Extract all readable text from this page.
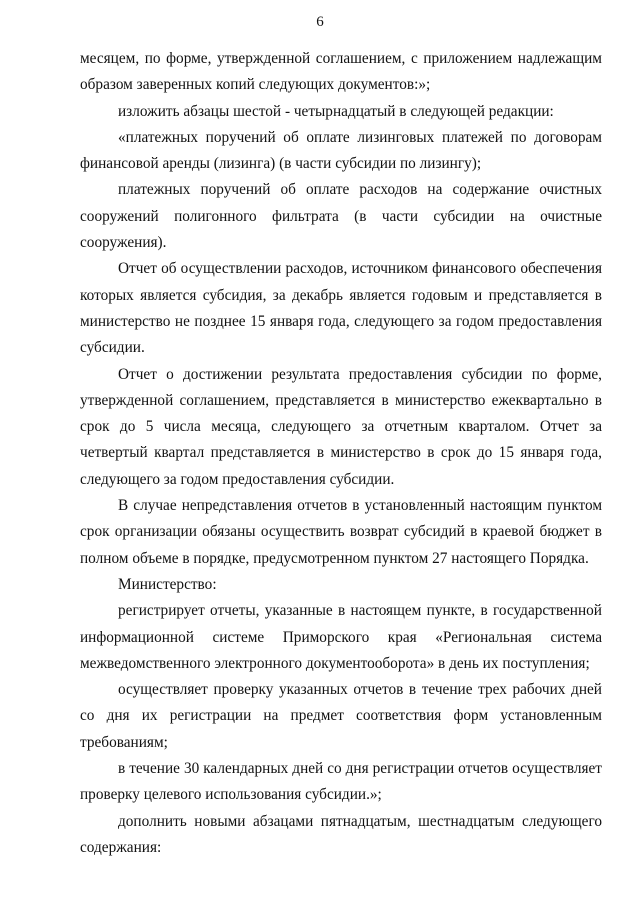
6

месяцем, по форме, утвержденной соглашением, с приложением надлежащим образом заверенных копий следующих документов:»;

изложить абзацы шестой - четырнадцатый в следующей редакции:

«платежных поручений об оплате лизинговых платежей по договорам финансовой аренды (лизинга) (в части субсидии по лизингу);

платежных поручений об оплате расходов на содержание очистных сооружений полигонного фильтрата (в части субсидии на очистные сооружения).

Отчет об осуществлении расходов, источником финансового обеспечения которых является субсидия, за декабрь является годовым и представляется в министерство не позднее 15 января года, следующего за годом предоставления субсидии.

Отчет о достижении результата предоставления субсидии по форме, утвержденной соглашением, представляется в министерство ежеквартально в срок до 5 числа месяца, следующего за отчетным кварталом. Отчет за четвертый квартал представляется в министерство в срок до 15 января года, следующего за годом предоставления субсидии.

В случае непредставления отчетов в установленный настоящим пунктом срок организации обязаны осуществить возврат субсидий в краевой бюджет в полном объеме в порядке, предусмотренном пунктом 27 настоящего Порядка.

Министерство:

регистрирует отчеты, указанные в настоящем пункте, в государственной информационной системе Приморского края «Региональная система межведомственного электронного документооборота» в день их поступления;

осуществляет проверку указанных отчетов в течение трех рабочих дней со дня их регистрации на предмет соответствия форм установленным требованиям;

в течение 30 календарных дней со дня регистрации отчетов осуществляет проверку целевого использования субсидии.»;

дополнить новыми абзацами пятнадцатым, шестнадцатым следующего содержания:
